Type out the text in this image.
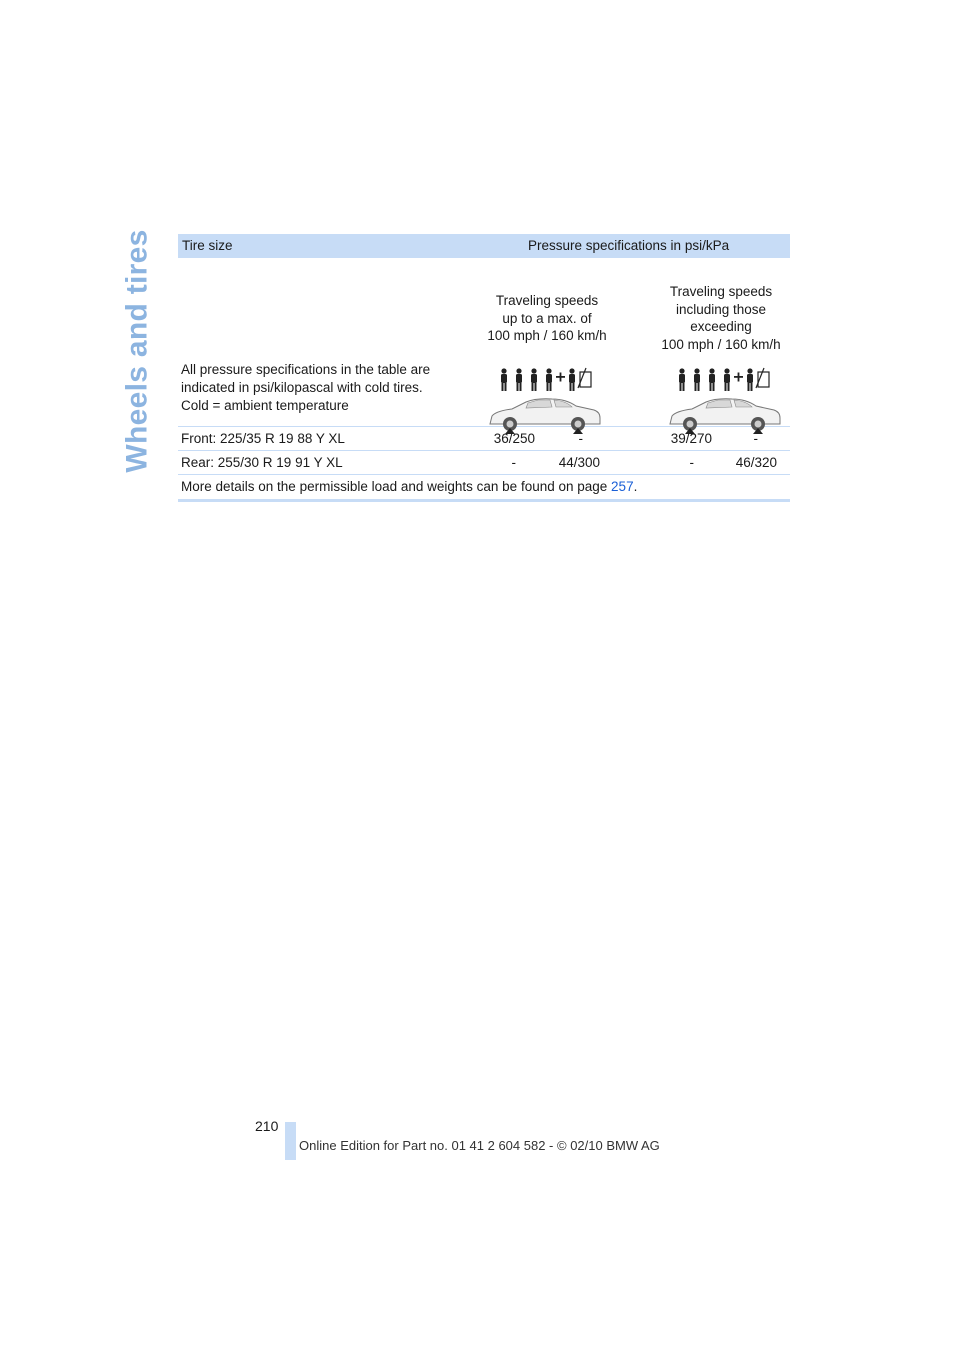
Wheels and tires Tire size	Pressure specifications in psi/kPa
All pressure specifications in the table are
indicated in psi/kilopascal with cold tires.
Cold = ambient temperature
Traveling speeds
up to a max. of
100 mph / 160 km/h
Traveling speeds
including those
exceeding
100 mph / 160 km/h
Front: 225/35 R 19 88 Y XL	36/250	-	39/270	-
Rear: 255/30 R 19 91 Y XL	-	44/300	-	46/320
More details on the permissible load and weights can be found on page 257.
210
Online Edition for Part no. 01 41 2 604 582 - © 02/10 BMW AG
